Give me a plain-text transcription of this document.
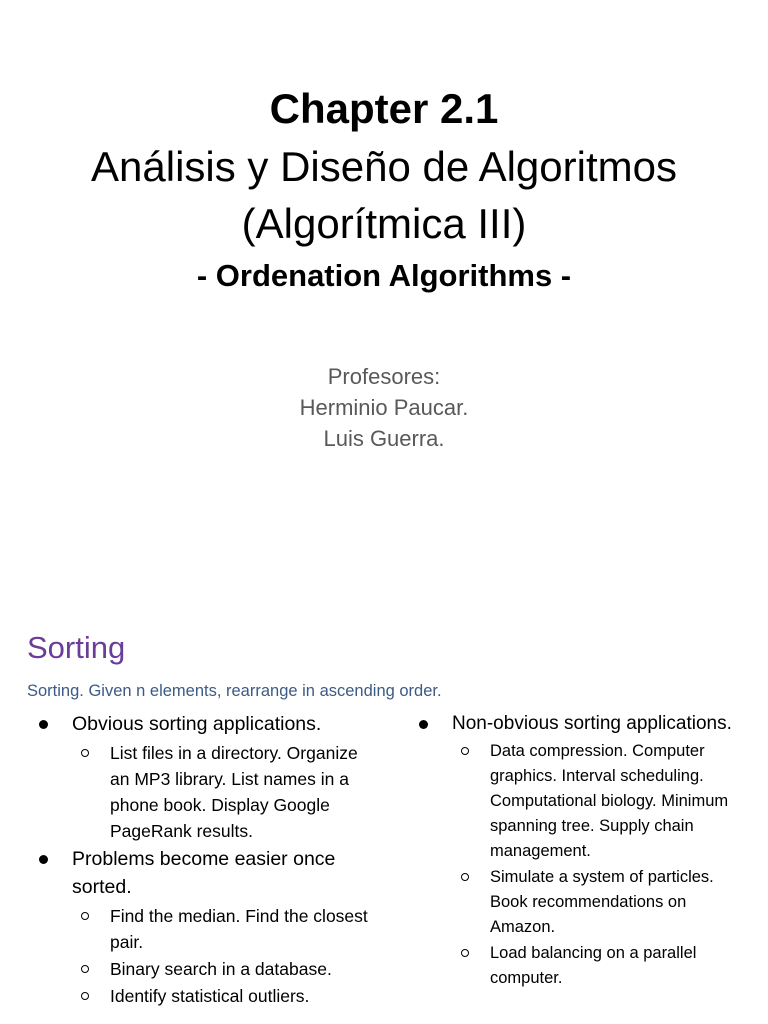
Chapter 2.1
Análisis y Diseño de Algoritmos
(Algorítmica III)
- Ordenation Algorithms -
Profesores:
Herminio Paucar.
Luis Guerra.
Sorting
Sorting. Given n elements, rearrange in ascending order.
Obvious sorting applications.
List files in a directory. Organize an MP3 library. List names in a phone book. Display Google PageRank results.
Problems become easier once sorted.
Find the median. Find the closest pair.
Binary search in a database.
Identify statistical outliers.
Non-obvious sorting applications.
Data compression. Computer graphics. Interval scheduling. Computational biology. Minimum spanning tree. Supply chain management.
Simulate a system of particles. Book recommendations on Amazon.
Load balancing on a parallel computer.
